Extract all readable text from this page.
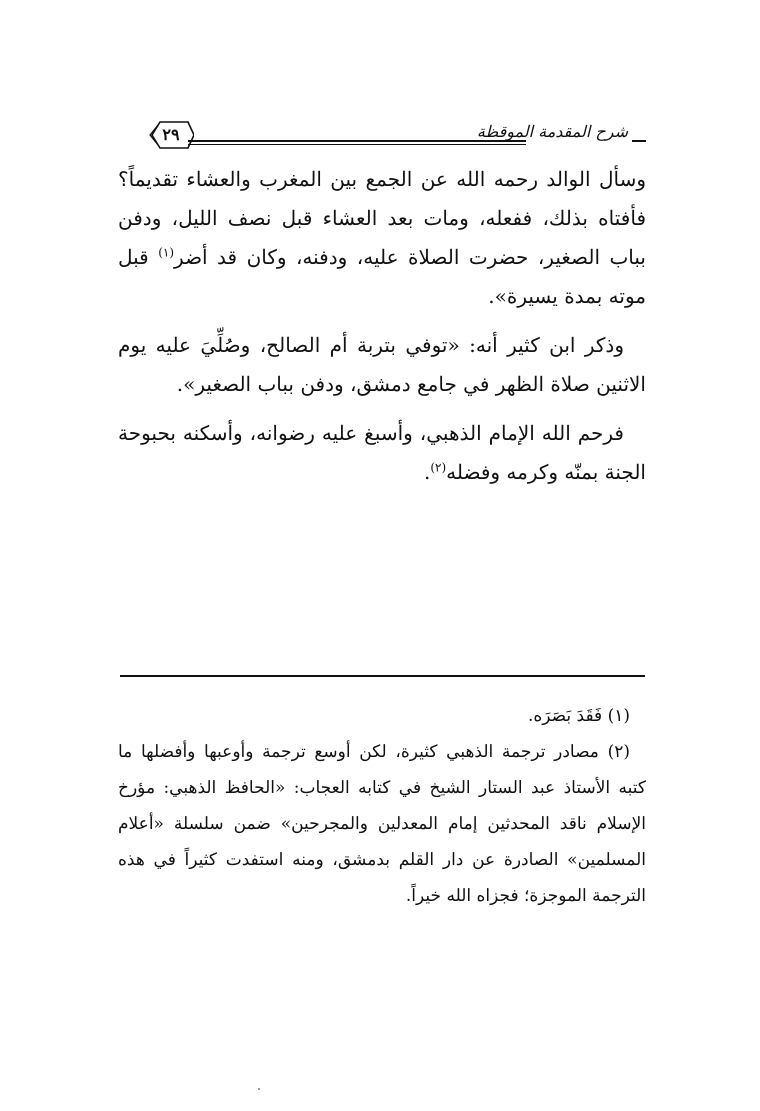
شرح المقدمة الموقظة
٢٩

وسأل الوالد رحمه الله عن الجمع بين المغرب والعشاء تقديماً؟ فأفتاه بذلك، ففعله، ومات بعد العشاء قبل نصف الليل، ودفن بباب الصغير، حضرت الصلاة عليه، ودفنه، وكان قد أضر$^{(١)}$ قبل موته بمدة يسيرة».

وذكر ابن كثير أنه: «توفي بتربة أم الصالح، وصُلِّيَ عليه يوم الاثنين صلاة الظهر في جامع دمشق، ودفن بباب الصغير».

فرحم الله الإمام الذهبي، وأسبغ عليه رضوانه، وأسكنه بحبوحة الجنة بمنّه وكرمه وفضله$^{(٢)}$.

(١) فَقَدَ بَصَرَه.

(٢) مصادر ترجمة الذهبي كثيرة، لكن أوسع ترجمة وأوعبها وأفضلها ما كتبه الأستاذ عبد الستار الشيخ في كتابه العجاب: «الحافظ الذهبي: مؤرخ الإسلام ناقد المحدثين إمام المعدلين والمجرحين» ضمن سلسلة «أعلام المسلمين» الصادرة عن دار القلم بدمشق، ومنه استفدت كثيراً في هذه الترجمة الموجزة؛ فجزاه الله خيراً.
